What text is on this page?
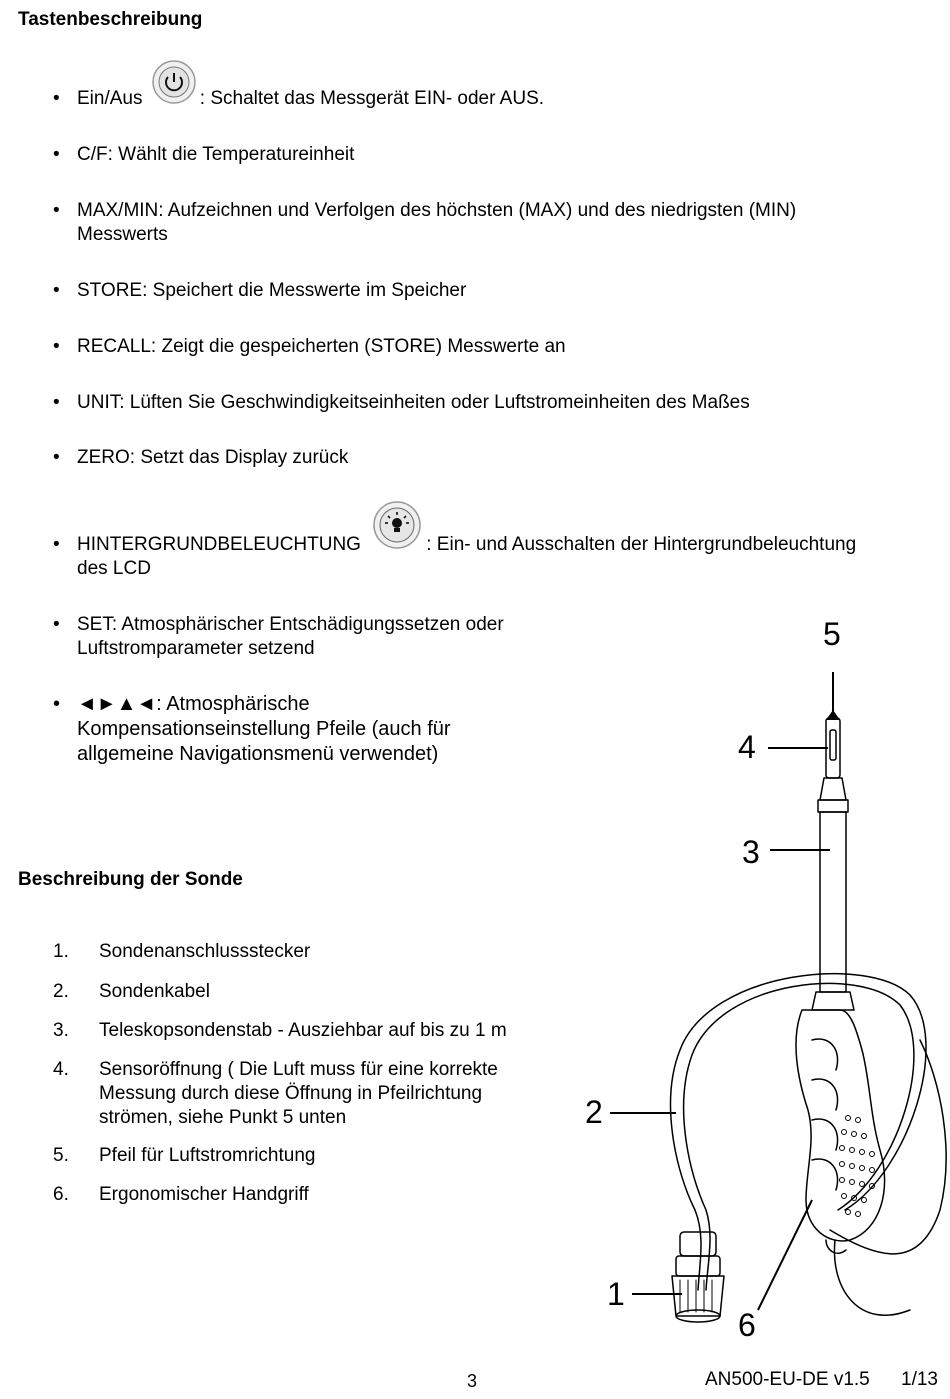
Tastenbeschreibung
• Ein/Aus	: Schaltet das Messgerät EIN- oder AUS.
• C/F: Wählt die Temperatureinheit
• MAX/MIN: Aufzeichnen und Verfolgen des höchsten (MAX) und des niedrigsten (MIN)
Messwerts
• STORE: Speichert die Messwerte im Speicher
• RECALL: Zeigt die gespeicherten (STORE) Messwerte an
• UNIT: Lüften Sie Geschwindigkeitseinheiten oder Luftstromeinheiten des Maßes
• ZERO: Setzt das Display zurück
• HINTERGRUNDBELEUCHTUNG	: Ein- und Ausschalten der Hintergrundbeleuchtung
des LCD
• SET: Atmosphärischer Entschädigungssetzen oder
Luftstromparameter setzend
• ◄►▲◄: Atmosphärische
Kompensationseinstellung Pfeile (auch für
allgemeine Navigationsmenü verwendet)
Beschreibung der Sonde
1. Sondenanschlussstecker
2. Sondenkabel
3. Teleskopsondenstab - Ausziehbar auf bis zu 1 m
4. Sensoröffnung ( Die Luft muss für eine korrekte
Messung durch diese Öffnung in Pfeilrichtung
strömen, siehe Punkt 5 unten
5. Pfeil für Luftstromrichtung
6. Ergonomischer Handgriff
5
4
3
2
1
6
3	AN500-EU-DE v1.5 1/13
